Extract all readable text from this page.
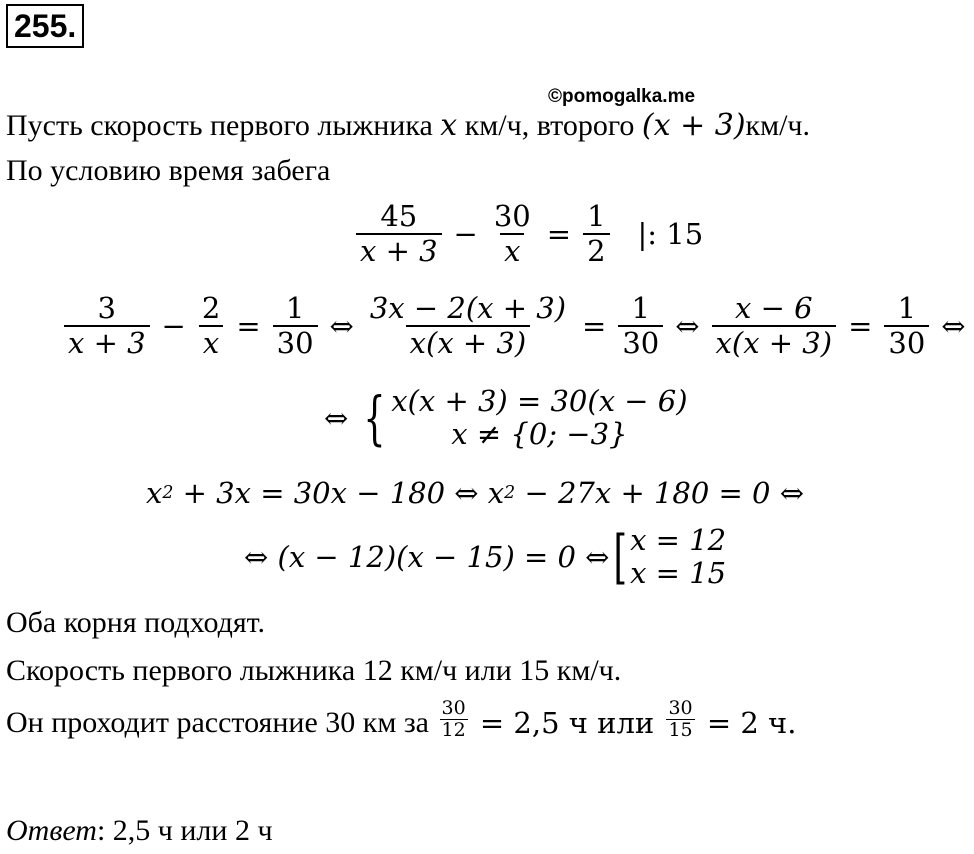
255.
©pomogalka.me
Пусть скорость первого лыжника x км/ч, второго (x + 3)км/ч.
По условию время забега
$\frac{45}{x + 3} - \frac{30}{x} = \frac{1}{2}$ |: 15
$\frac{3}{x + 3} - \frac{2}{x} = \frac{1}{30}$ ⇔ $\frac{3x - 2(x + 3)}{x(x + 3)} = \frac{1}{30}$ ⇔ $\frac{x - 6}{x(x + 3)} = \frac{1}{30}$ ⇔
⇔ { x(x + 3) = 30(x − 6)
x ≠ {0; −3}
x 2 + 3x = 30x − 180 ⇔ x 2 − 27x + 180 = 0 ⇔
⇔ (x − 12)(x − 15) = 0 ⇔ [ x = 12
x = 15
Оба корня подходят.
Скорость первого лыжника 12 км/ч или 15 км/ч.
Он проходит расстояние 30 км за $\frac{30}{12} = 2,5$ ч или $\frac{30}{15} = 2$ ч.
Ответ: 2,5 ч или 2 ч
